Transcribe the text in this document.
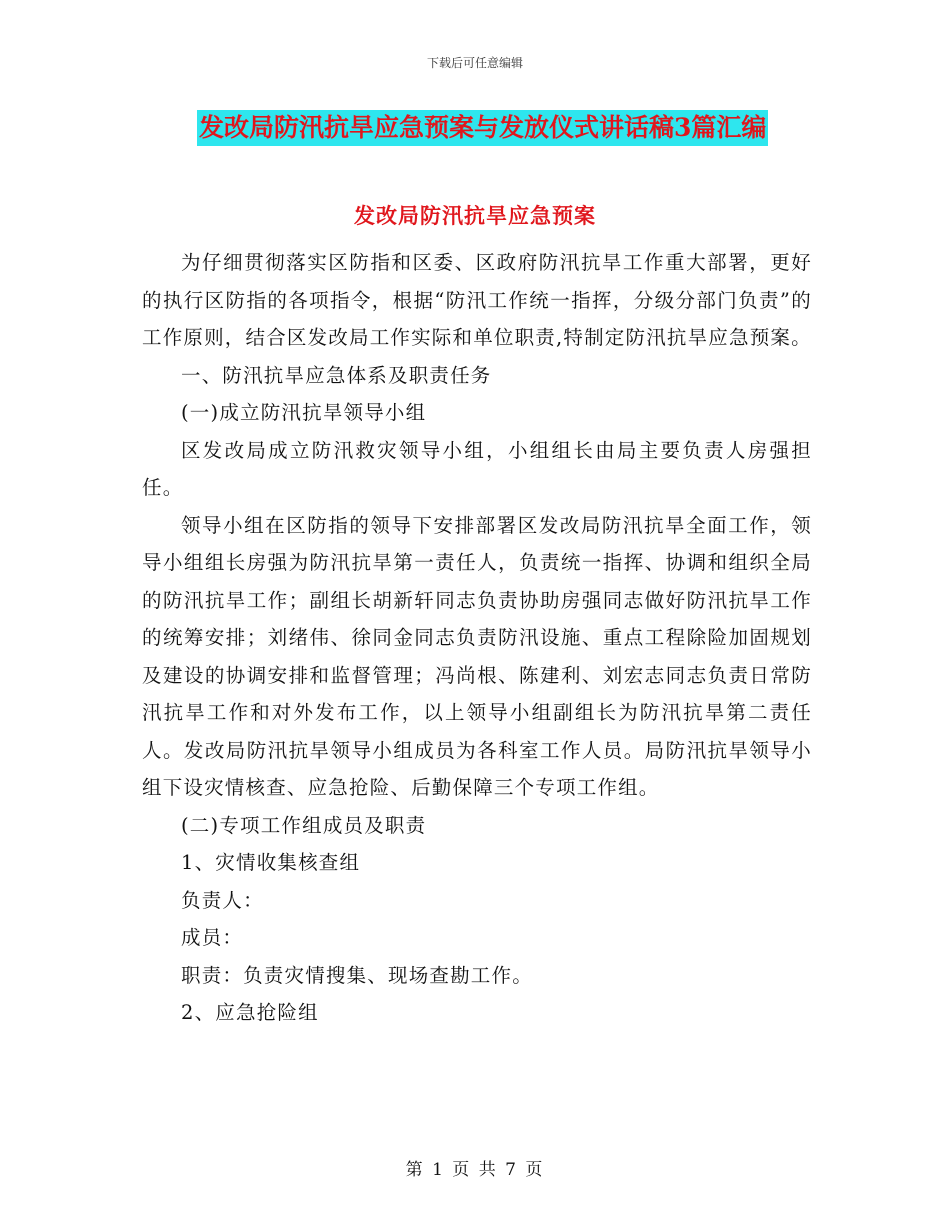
下载后可任意编辑
发改局防汛抗旱应急预案与发放仪式讲话稿3篇汇编
发改局防汛抗旱应急预案

为仔细贯彻落实区防指和区委、区政府防汛抗旱工作重大部署，更好的执行区防指的各项指令，根据“防汛工作统一指挥，分级分部门负责”的工作原则，结合区发改局工作实际和单位职责,特制定防汛抗旱应急预案。

一、防汛抗旱应急体系及职责任务

(一)成立防汛抗旱领导小组

区发改局成立防汛救灾领导小组，小组组长由局主要负责人房强担任。

领导小组在区防指的领导下安排部署区发改局防汛抗旱全面工作，领导小组组长房强为防汛抗旱第一责任人，负责统一指挥、协调和组织全局的防汛抗旱工作；副组长胡新轩同志负责协助房强同志做好防汛抗旱工作的统筹安排；刘绪伟、徐同金同志负责防汛设施、重点工程除险加固规划及建设的协调安排和监督管理；冯尚根、陈建利、刘宏志同志负责日常防汛抗旱工作和对外发布工作，以上领导小组副组长为防汛抗旱第二责任人。发改局防汛抗旱领导小组成员为各科室工作人员。局防汛抗旱领导小组下设灾情核查、应急抢险、后勤保障三个专项工作组。

(二)专项工作组成员及职责

1、灾情收集核查组

负责人：

成员：

职责：负责灾情搜集、现场查勘工作。

2、应急抢险组

第 1 页 共 7 页
